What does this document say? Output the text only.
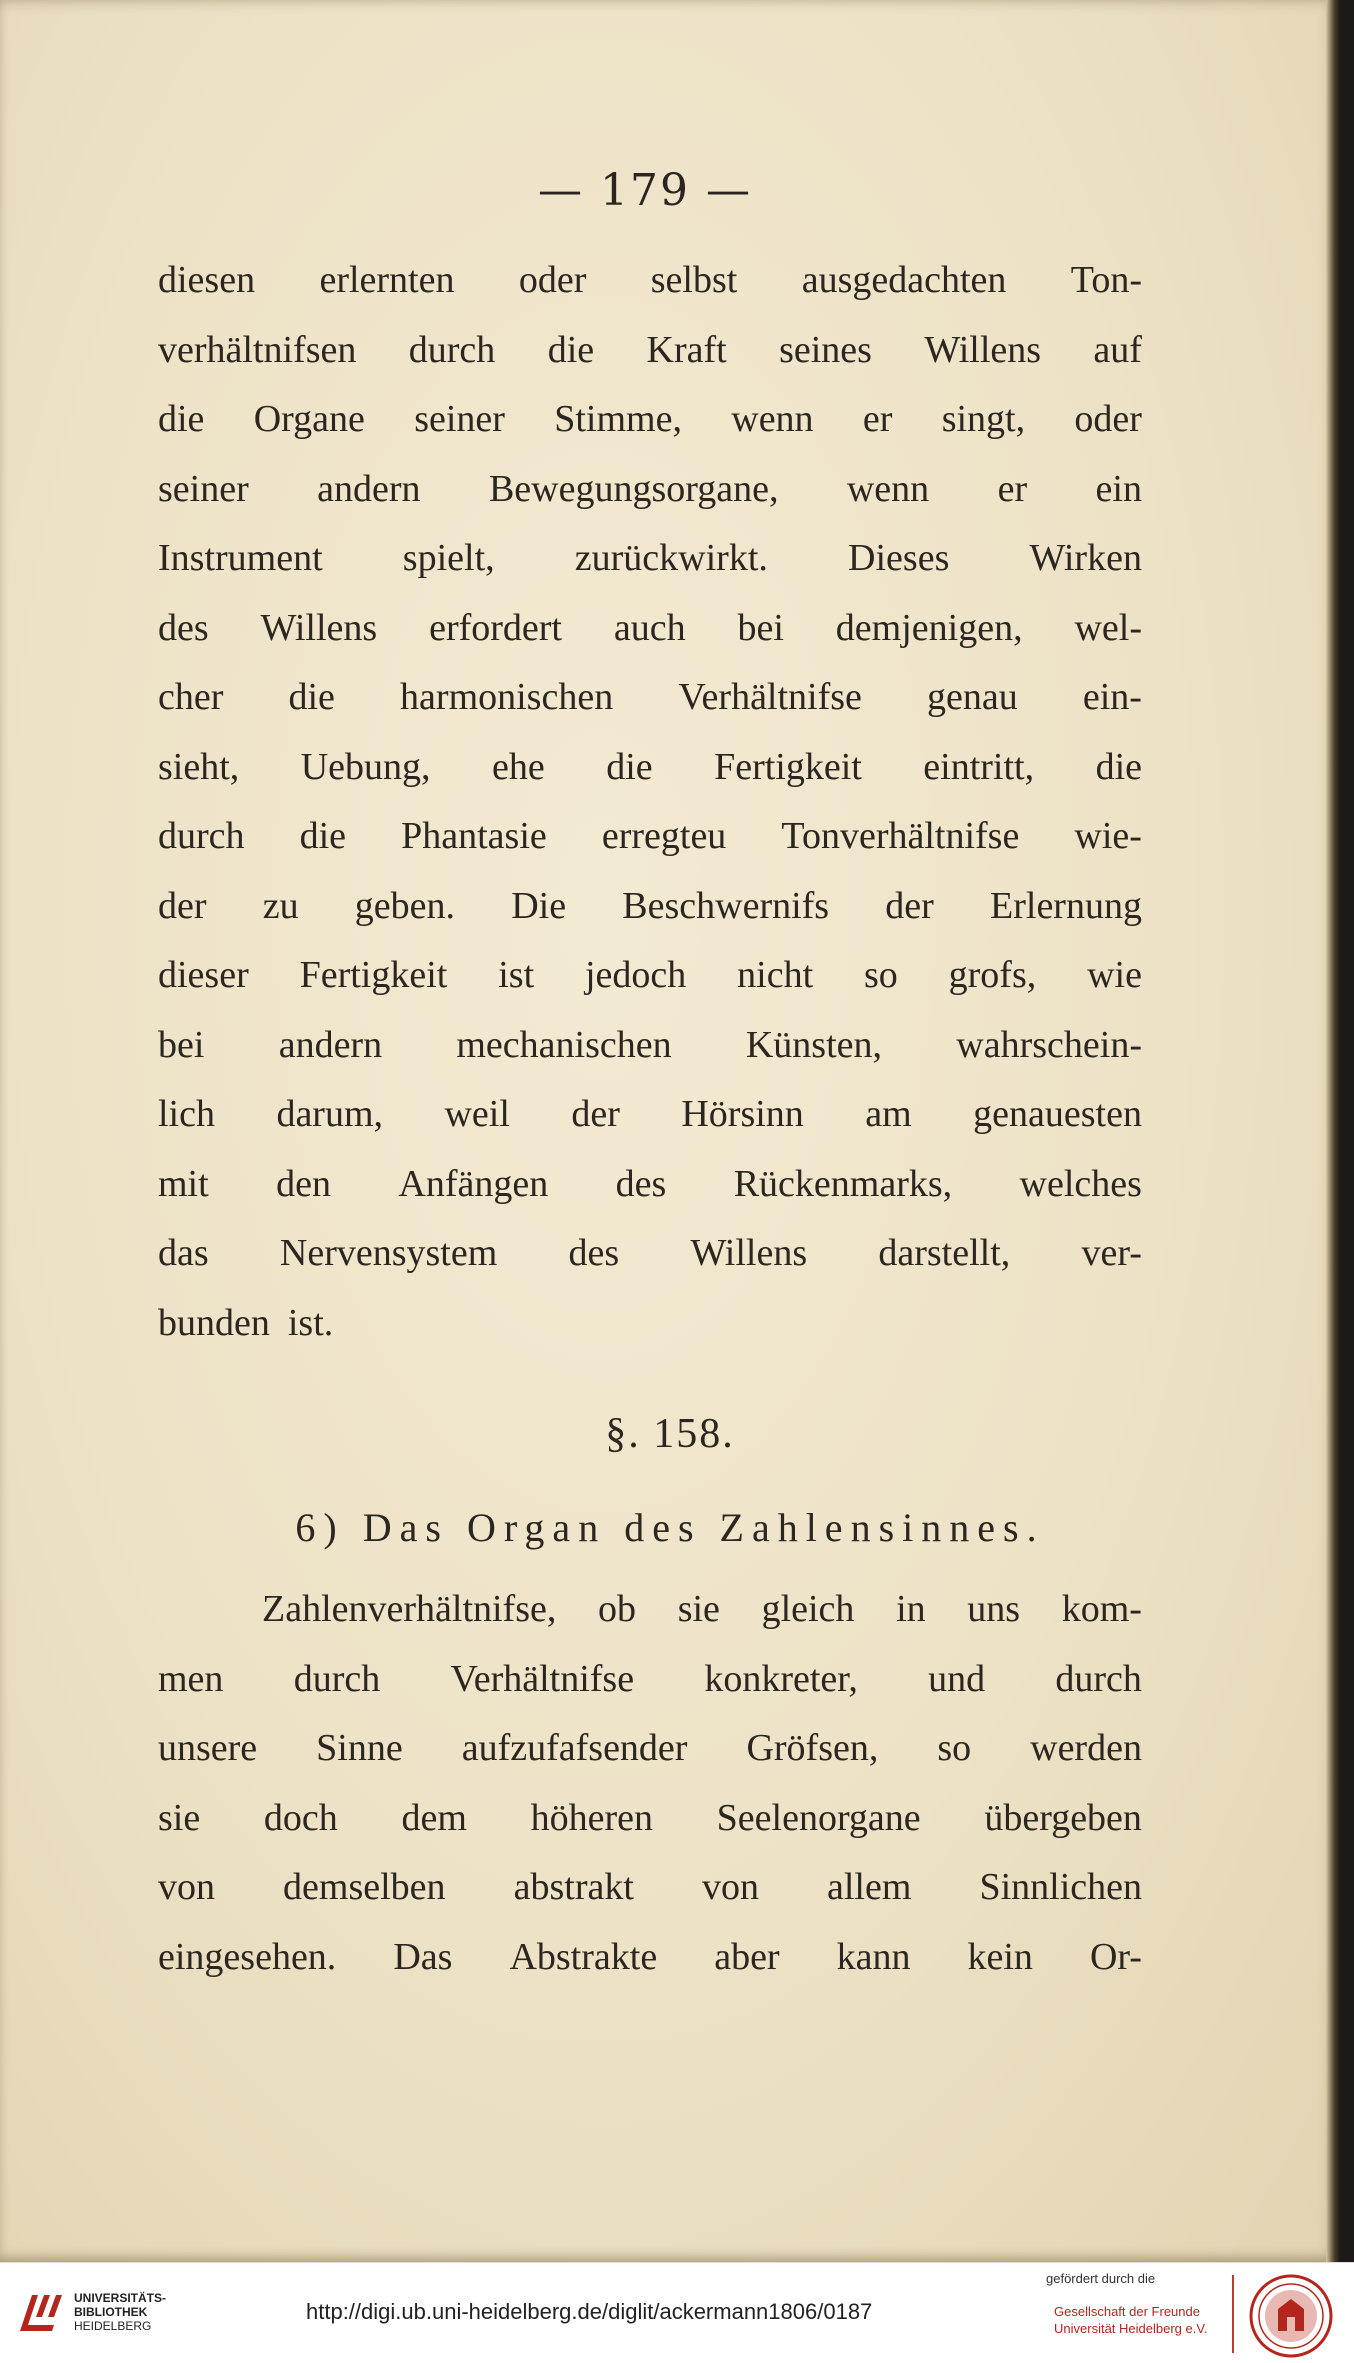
— 179 —
diesen erlernten oder selbst ausgedachten Ton-
verhältnifsen durch die Kraft seines Willens auf
die Organe seiner Stimme, wenn er singt, oder
seiner andern Bewegungsorgane, wenn er ein
Instrument spielt, zurückwirkt. Dieses Wirken
des Willens erfordert auch bei demjenigen, wel-
cher die harmonischen Verhältnifse genau ein-
sieht, Uebung, ehe die Fertigkeit eintritt, die
durch die Phantasie erregteu Tonverhältnifse wie-
der zu geben. Die Beschwernifs der Erlernung
dieser Fertigkeit ist jedoch nicht so grofs, wie
bei andern mechanischen Künsten, wahrschein-
lich darum, weil der Hörsinn am genauesten
mit den Anfängen des Rückenmarks, welches
das Nervensystem des Willens darstellt, ver-
bunden ist.
§. 158.
6) Das Organ des Zahlensinnes.
Zahlenverhältnifse, ob sie gleich in uns kom-
men durch Verhältnifse konkreter, und durch
unsere Sinne aufzufafsender Gröfsen, so werden
sie doch dem höheren Seelenorgane übergeben
von demselben abstrakt von allem Sinnlichen
eingesehen. Das Abstrakte aber kann kein Or-
UNIVERSITÄTS-
BIBLIOTHEK
HEIDELBERG
http://digi.ub.uni-heidelberg.de/diglit/ackermann1806/0187
gefördert durch die
Gesellschaft der Freunde
Universität Heidelberg e.V.
